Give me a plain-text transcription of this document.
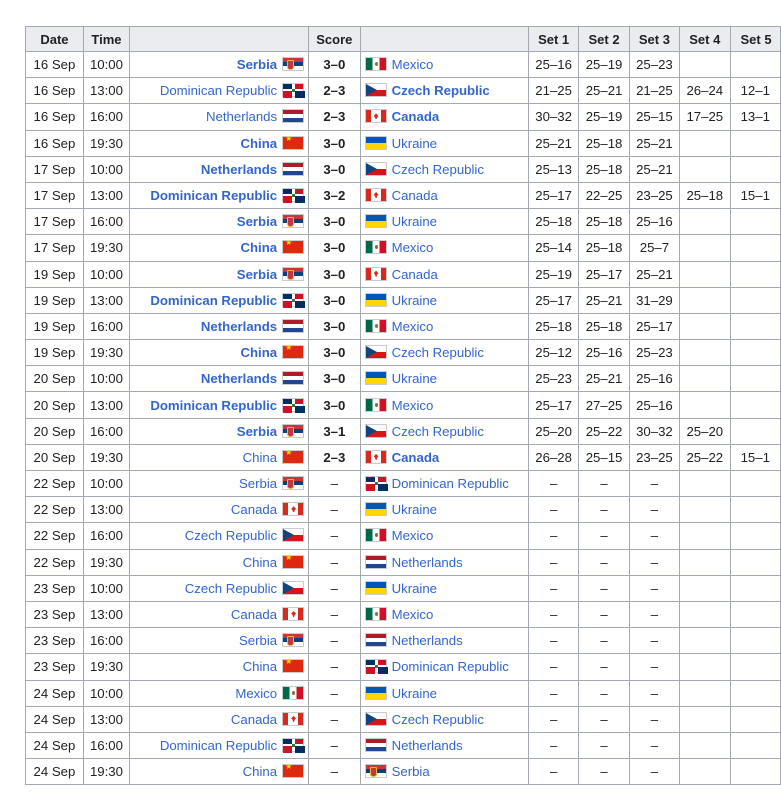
Date	Time		Score		Set 1	Set 2	Set 3	Set 4	Set 5
16 Sep	10:00	Serbia	3–0	Mexico	25–16	25–19	25–23		
16 Sep	13:00	Dominican Republic	2–3	Czech Republic	21–25	25–21	21–25	26–24	12–1
16 Sep	16:00	Netherlands	2–3	Canada	30–32	25–19	25–15	17–25	13–1
16 Sep	19:30	China★	3–0	Ukraine	25–21	25–18	25–21		
17 Sep	10:00	Netherlands	3–0	Czech Republic	25–13	25–18	25–21		
17 Sep	13:00	Dominican Republic	3–2	Canada	25–17	22–25	23–25	25–18	15–1
17 Sep	16:00	Serbia	3–0	Ukraine	25–18	25–18	25–16		
17 Sep	19:30	China★	3–0	Mexico	25–14	25–18	25–7		
19 Sep	10:00	Serbia	3–0	Canada	25–19	25–17	25–21		
19 Sep	13:00	Dominican Republic	3–0	Ukraine	25–17	25–21	31–29		
19 Sep	16:00	Netherlands	3–0	Mexico	25–18	25–18	25–17		
19 Sep	19:30	China★	3–0	Czech Republic	25–12	25–16	25–23		
20 Sep	10:00	Netherlands	3–0	Ukraine	25–23	25–21	25–16		
20 Sep	13:00	Dominican Republic	3–0	Mexico	25–17	27–25	25–16		
20 Sep	16:00	Serbia	3–1	Czech Republic	25–20	25–22	30–32	25–20	
20 Sep	19:30	China★	2–3	Canada	26–28	25–15	23–25	25–22	15–1
22 Sep	10:00	Serbia	–	Dominican Republic	–	–	–		
22 Sep	13:00	Canada	–	Ukraine	–	–	–		
22 Sep	16:00	Czech Republic	–	Mexico	–	–	–		
22 Sep	19:30	China★	–	Netherlands	–	–	–		
23 Sep	10:00	Czech Republic	–	Ukraine	–	–	–		
23 Sep	13:00	Canada	–	Mexico	–	–	–		
23 Sep	16:00	Serbia	–	Netherlands	–	–	–		
23 Sep	19:30	China★	–	Dominican Republic	–	–	–		
24 Sep	10:00	Mexico	–	Ukraine	–	–	–		
24 Sep	13:00	Canada	–	Czech Republic	–	–	–		
24 Sep	16:00	Dominican Republic	–	Netherlands	–	–	–		
24 Sep	19:30	China★	–	Serbia	–	–	–		
